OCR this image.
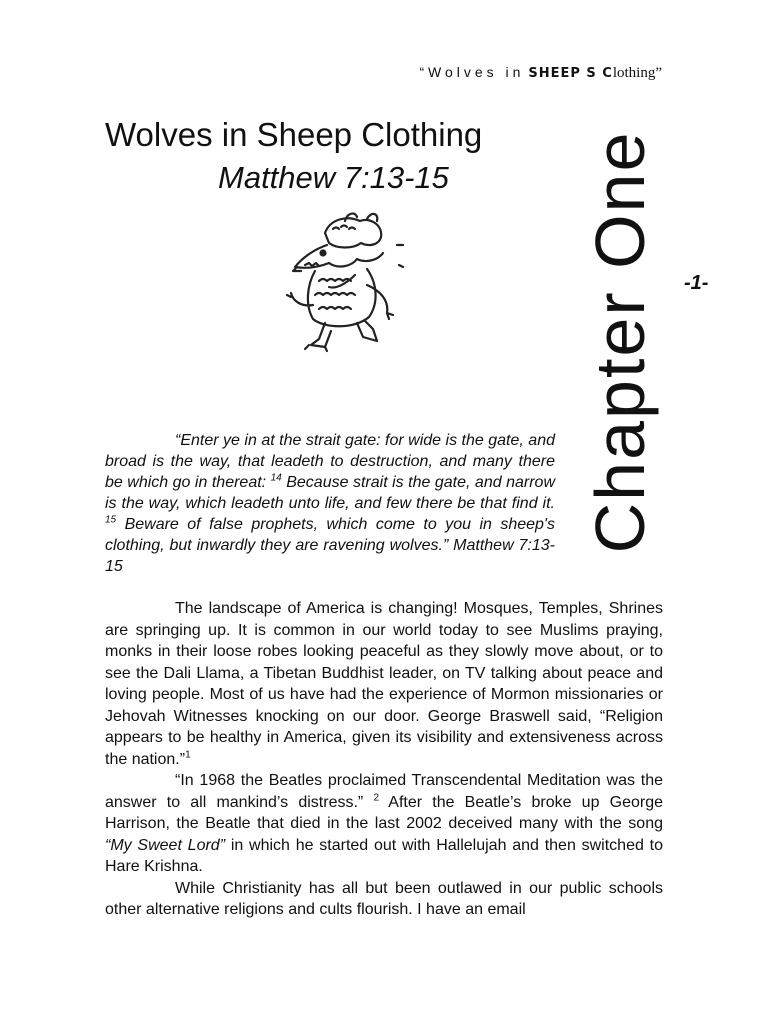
“ Wolves in SHEEP S Clothing”
Wolves in Sheep Clothing
Matthew 7:13-15 Chapter One -1-

“Enter ye in at the strait gate: for wide is the gate, and broad is the way, that leadeth to destruction, and many there be which go in thereat: $^{14}$ Because strait is the gate, and narrow is the way, which leadeth unto life, and few there be that find it. $^{15}$ Beware of false prophets, which come to you in sheep's clothing, but inwardly they are ravening wolves.” Matthew 7:13-15

The landscape of America is changing! Mosques, Temples, Shrines are springing up. It is common in our world today to see Muslims praying, monks in their loose robes looking peaceful as they slowly move about, or to see the Dali Llama, a Tibetan Buddhist leader, on TV talking about peace and loving people. Most of us have had the experience of Mormon missionaries or Jehovah Witnesses knocking on our door. George Braswell said, “Religion appears to be healthy in America, given its visibility and extensiveness across the nation.”$^1$

“In 1968 the Beatles proclaimed Transcendental Meditation was the answer to all mankind’s distress.” $^2$ After the Beatle’s broke up George Harrison, the Beatle that died in the last 2002 deceived many with the song “My Sweet Lord” in which he started out with Hallelujah and then switched to Hare Krishna.

While Christianity has all but been outlawed in our public schools other alternative religions and cults flourish. I have an email
